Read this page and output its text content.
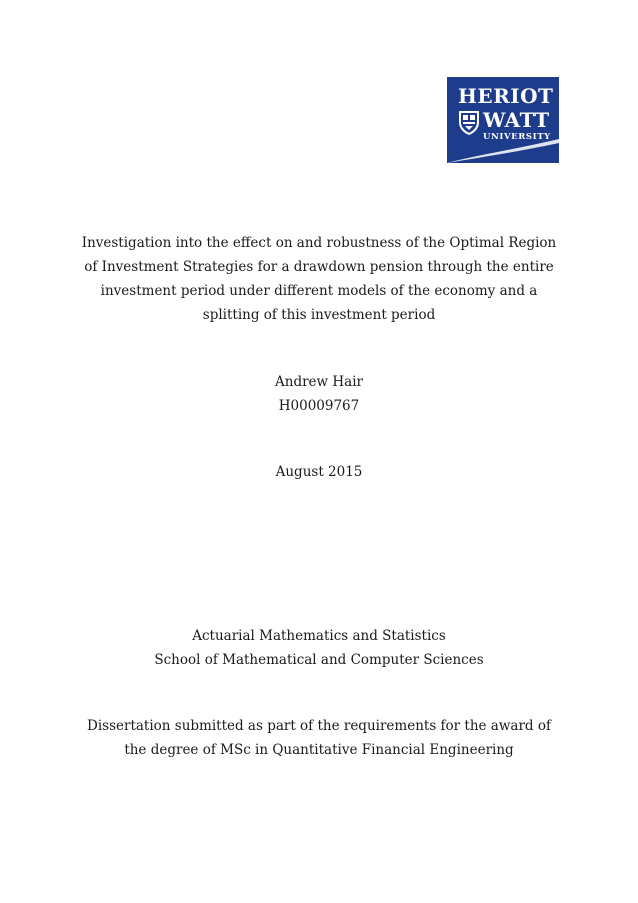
HERIOT
WATT
UNIVERSITY
Investigation into the effect on and robustness of the Optimal Region
of Investment Strategies for a drawdown pension through the entire
investment period under different models of the economy and a
splitting of this investment period
Andrew Hair
H00009767
August 2015
Actuarial Mathematics and Statistics
School of Mathematical and Computer Sciences
Dissertation submitted as part of the requirements for the award of
the degree of MSc in Quantitative Financial Engineering
